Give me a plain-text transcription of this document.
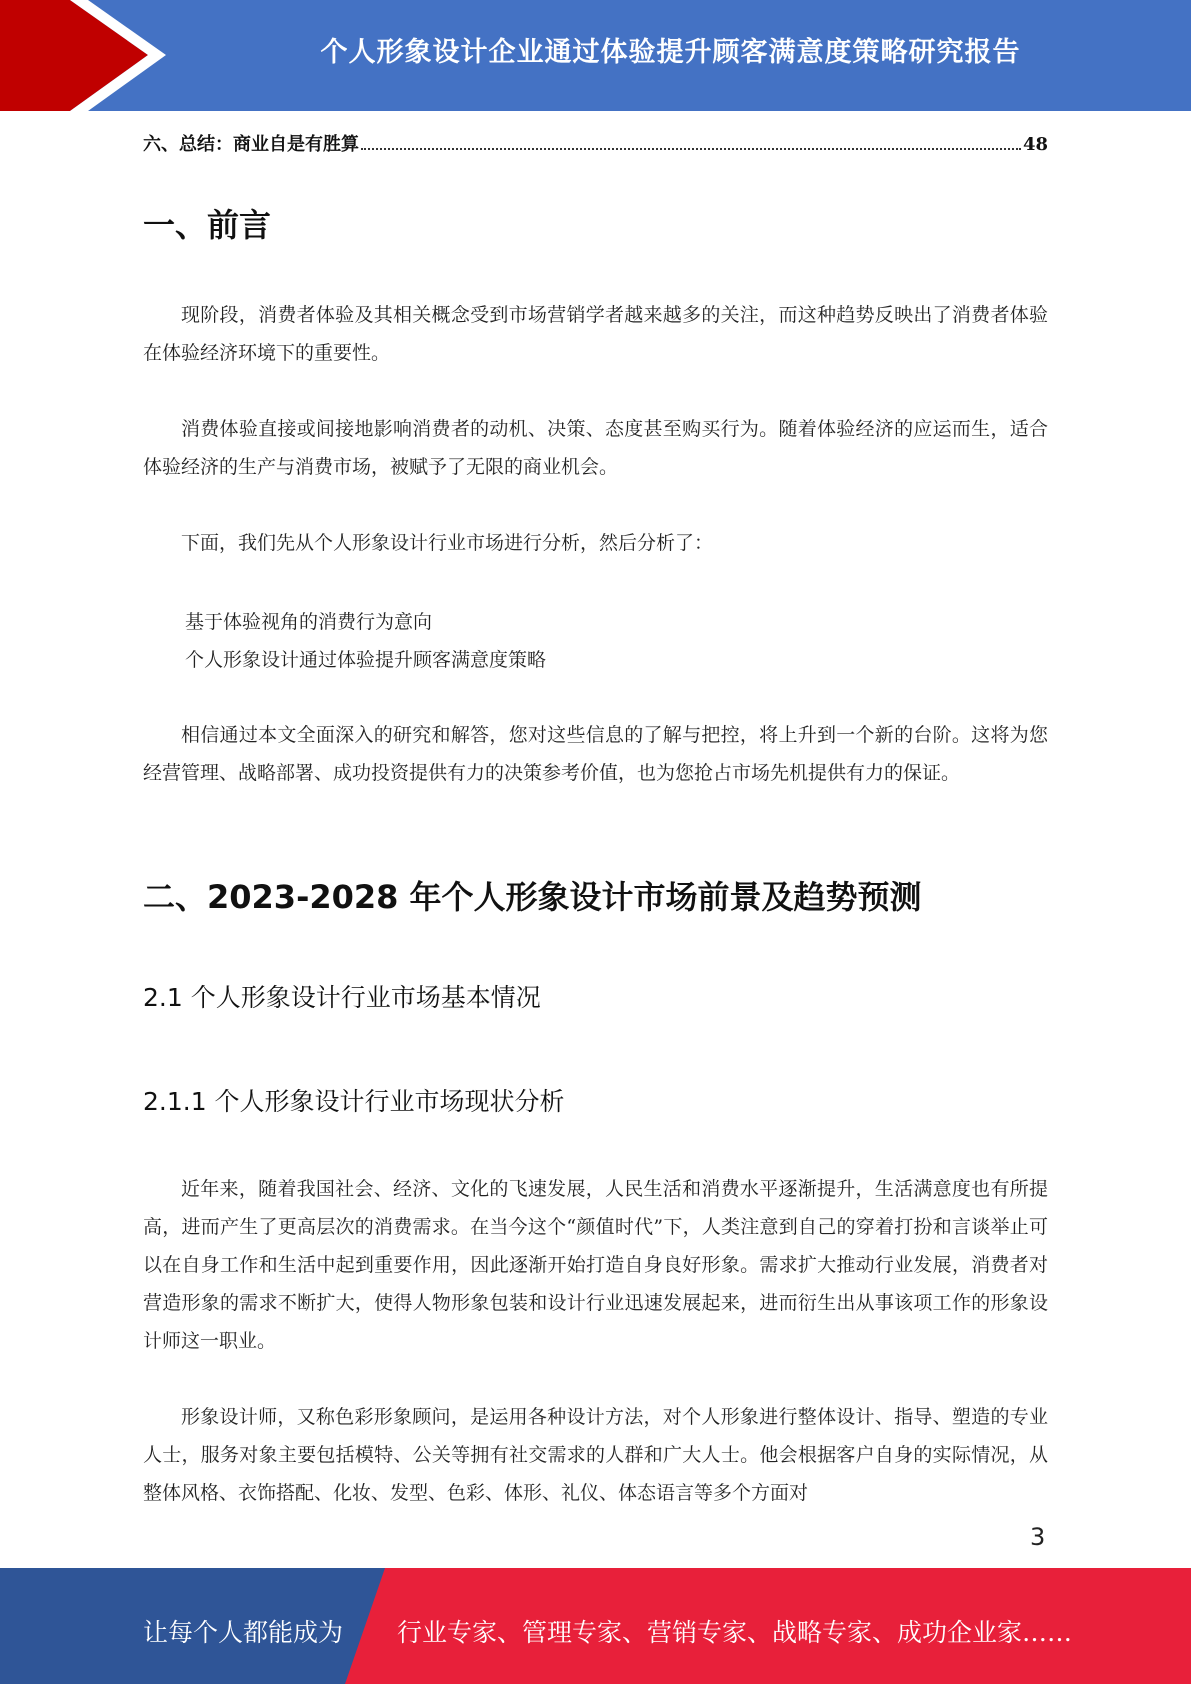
个人形象设计企业通过体验提升顾客满意度策略研究报告
六、总结：商业自是有胜算	48
一、前言

现阶段，消费者体验及其相关概念受到市场营销学者越来越多的关注，而这种趋势反映出了消费者体验在体验经济环境下的重要性。

消费体验直接或间接地影响消费者的动机、决策、态度甚至购买行为。随着体验经济的应运而生，适合体验经济的生产与消费市场，被赋予了无限的商业机会。

下面，我们先从个人形象设计行业市场进行分析，然后分析了：

基于体验视角的消费行为意向

个人形象设计通过体验提升顾客满意度策略

相信通过本文全面深入的研究和解答，您对这些信息的了解与把控，将上升到一个新的台阶。这将为您经营管理、战略部署、成功投资提供有力的决策参考价值，也为您抢占市场先机提供有力的保证。

二、2023-2028 年个人形象设计市场前景及趋势预测
2.1 个人形象设计行业市场基本情况
2.1.1 个人形象设计行业市场现状分析

近年来，随着我国社会、经济、文化的飞速发展，人民生活和消费水平逐渐提升，生活满意度也有所提高，进而产生了更高层次的消费需求。在当今这个“颜值时代”下，人类注意到自己的穿着打扮和言谈举止可以在自身工作和生活中起到重要作用，因此逐渐开始打造自身良好形象。需求扩大推动行业发展，消费者对营造形象的需求不断扩大，使得人物形象包装和设计行业迅速发展起来，进而衍生出从事该项工作的形象设计师这一职业。

形象设计师，又称色彩形象顾问，是运用各种设计方法，对个人形象进行整体设计、指导、塑造的专业人士，服务对象主要包括模特、公关等拥有社交需求的人群和广大人士。他会根据客户自身的实际情况，从整体风格、衣饰搭配、化妆、发型、色彩、体形、礼仪、体态语言等多个方面对

3
让每个人都能成为 行业专家、管理专家、营销专家、战略专家、成功企业家……
